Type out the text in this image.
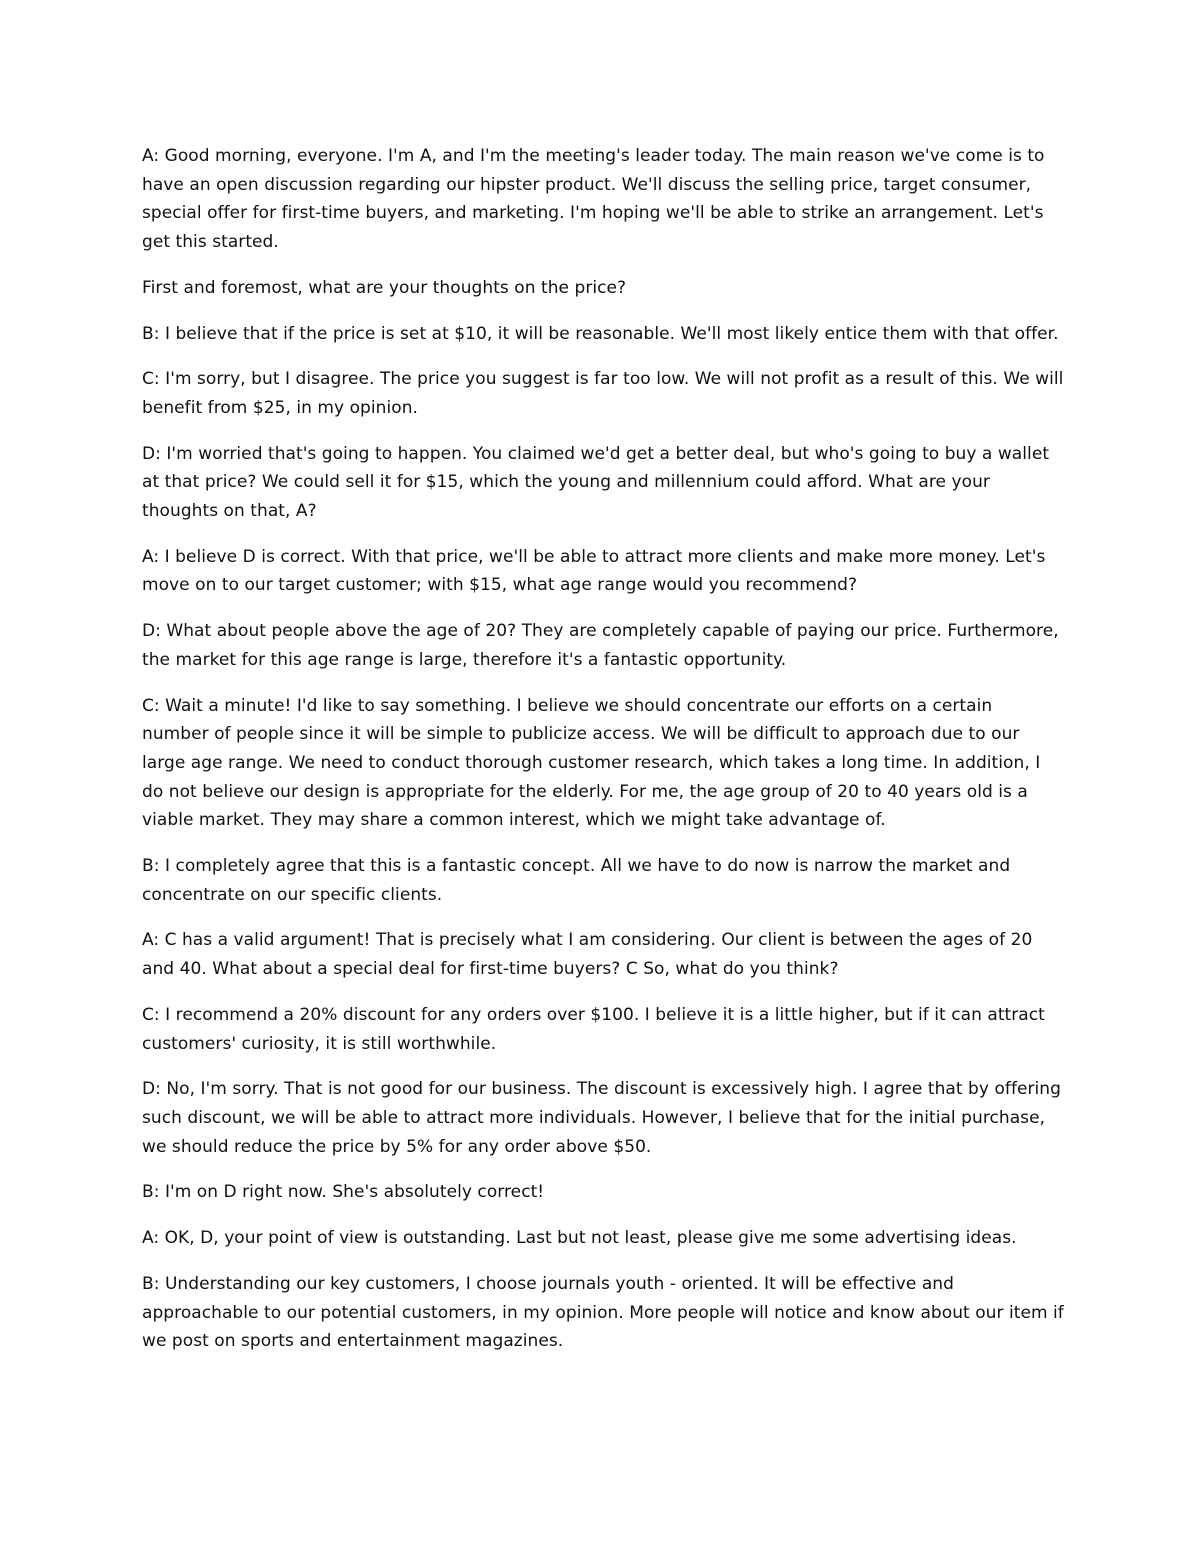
A: Good morning, everyone. I'm A, and I'm the meeting's leader today. The main reason we've come is to have an open discussion regarding our hipster product. We'll discuss the selling price, target consumer, special offer for first-time buyers, and marketing. I'm hoping we'll be able to strike an arrangement. Let's get this started.

First and foremost, what are your thoughts on the price?

B: I believe that if the price is set at $10, it will be reasonable. We'll most likely entice them with that offer.

C: I'm sorry, but I disagree. The price you suggest is far too low. We will not profit as a result of this. We will benefit from $25, in my opinion.

D: I'm worried that's going to happen. You claimed we'd get a better deal, but who's going to buy a wallet at that price? We could sell it for $15, which the young and millennium could afford. What are your thoughts on that, A?

A: I believe D is correct. With that price, we'll be able to attract more clients and make more money. Let's move on to our target customer; with $15, what age range would you recommend?

D: What about people above the age of 20? They are completely capable of paying our price. Furthermore, the market for this age range is large, therefore it's a fantastic opportunity.

C: Wait a minute! I'd like to say something. I believe we should concentrate our efforts on a certain number of people since it will be simple to publicize access. We will be difficult to approach due to our large age range. We need to conduct thorough customer research, which takes a long time. In addition, I do not believe our design is appropriate for the elderly. For me, the age group of 20 to 40 years old is a viable market. They may share a common interest, which we might take advantage of.

B: I completely agree that this is a fantastic concept. All we have to do now is narrow the market and concentrate on our specific clients.

A: C has a valid argument! That is precisely what I am considering. Our client is between the ages of 20 and 40. What about a special deal for first-time buyers? C So, what do you think?

C: I recommend a 20% discount for any orders over $100. I believe it is a little higher, but if it can attract customers' curiosity, it is still worthwhile.

D: No, I'm sorry. That is not good for our business. The discount is excessively high. I agree that by offering such discount, we will be able to attract more individuals. However, I believe that for the initial purchase, we should reduce the price by 5% for any order above $50.

B: I'm on D right now. She's absolutely correct!

A: OK, D, your point of view is outstanding. Last but not least, please give me some advertising ideas.

B: Understanding our key customers, I choose journals youth - oriented. It will be effective and approachable to our potential customers, in my opinion. More people will notice and know about our item if we post on sports and entertainment magazines.
